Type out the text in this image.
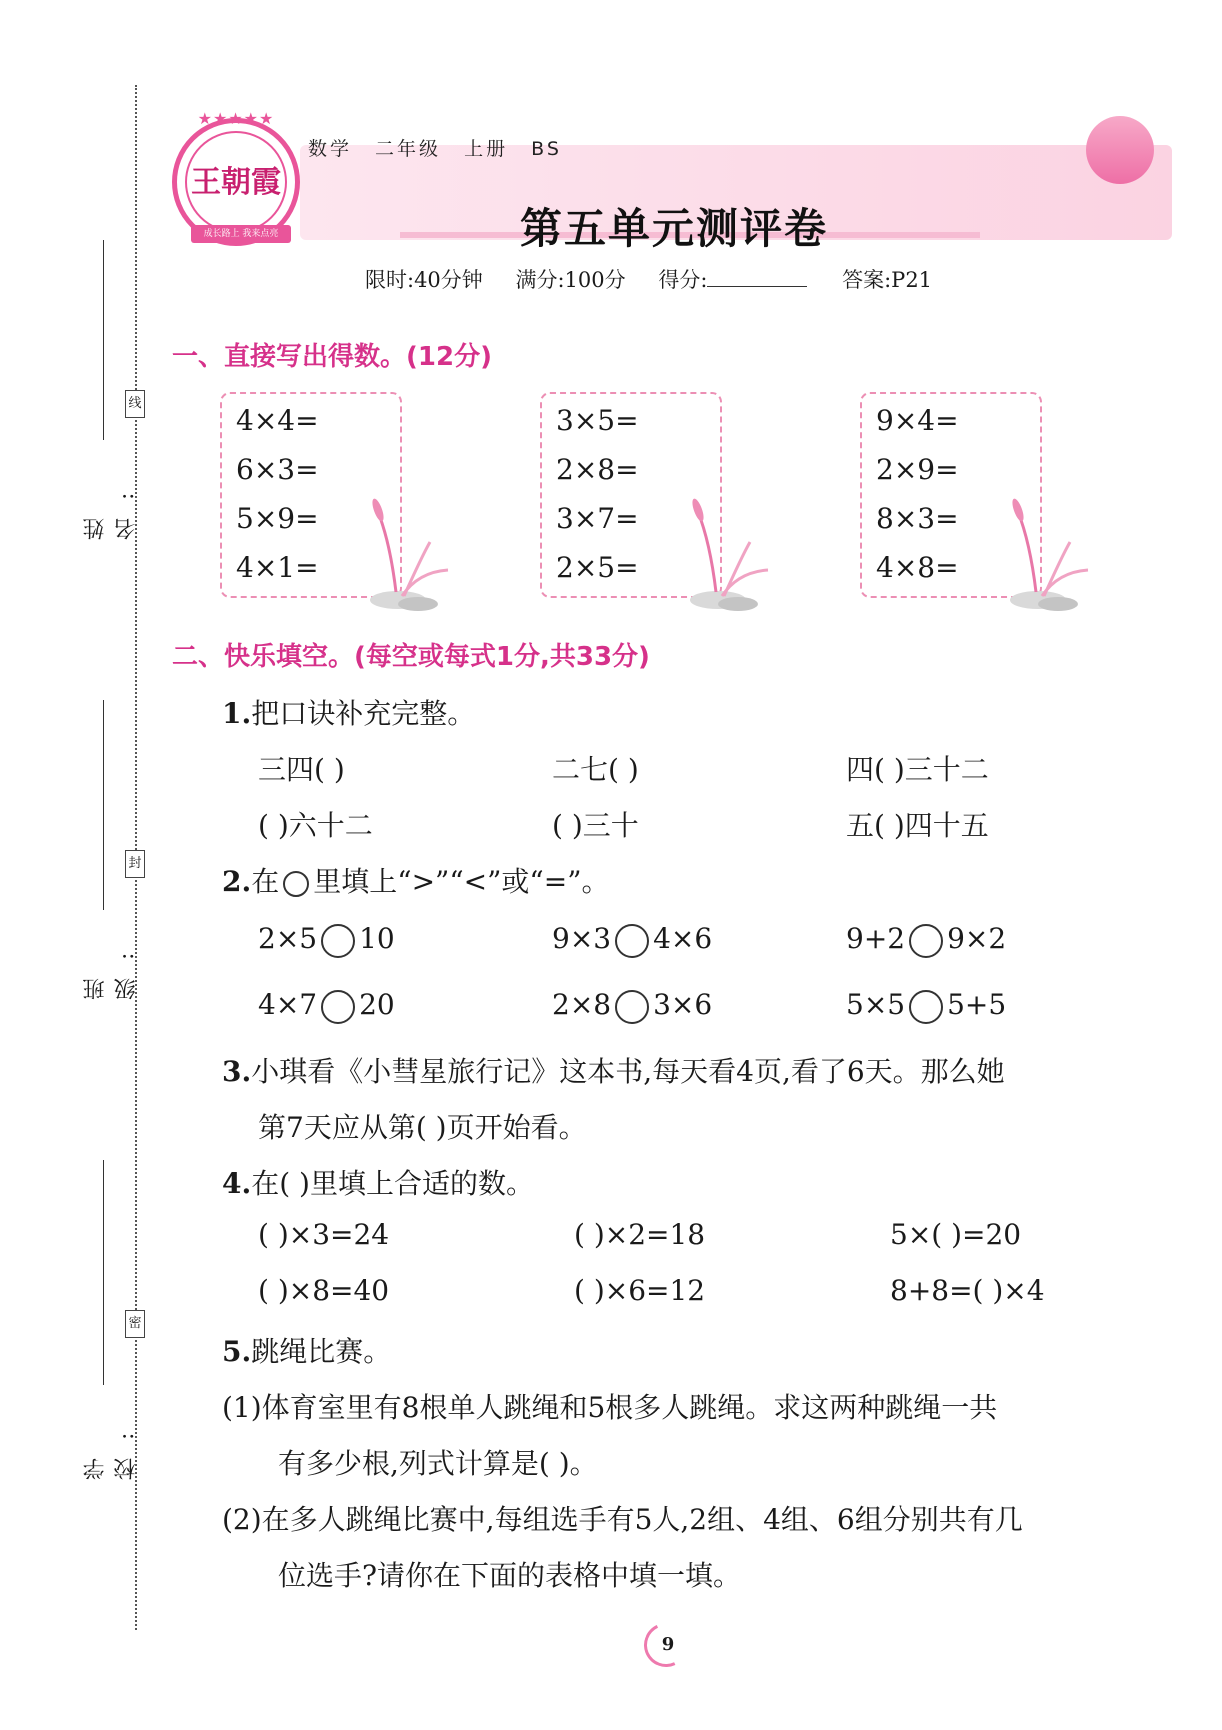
线
封
密
姓名:
班级:
学校:
★★★★★
王朝霞
成长路上 我来点亮
数学 二年级 上册 BS
第五单元测评卷
限时:40分钟 满分:100分 得分:	答案:P21
一、直接写出得数。(12分)
4×4=
6×3=
5×9=
4×1=
3×5=
2×8=
3×7=
2×5=
9×4=
2×9=
8×3=
4×8=
二、快乐填空。(每空或每式1分,共33分)
1.把口诀补充完整。
三四( )	二七( )	四( )三十二
( )六十二	( )三十	五( )四十五
2.在 里填上“>”“<”或“=”。
2×5 10	9×3 4×6	9+2 9×2
4×7 20	2×8 3×6	5×5 5+5
3.小琪看《小彗星旅行记》这本书,每天看4页,看了6天。那么她
第7天应从第( )页开始看。
4.在( )里填上合适的数。
( )×3=24	( )×2=18	5×( )=20
( )×8=40	( )×6=12	8+8=( )×4
5.跳绳比赛。
(1)体育室里有8根单人跳绳和5根多人跳绳。求这两种跳绳一共
有多少根,列式计算是( )。
(2)在多人跳绳比赛中,每组选手有5人,2组、4组、6组分别共有几
位选手?请你在下面的表格中填一填。
9
